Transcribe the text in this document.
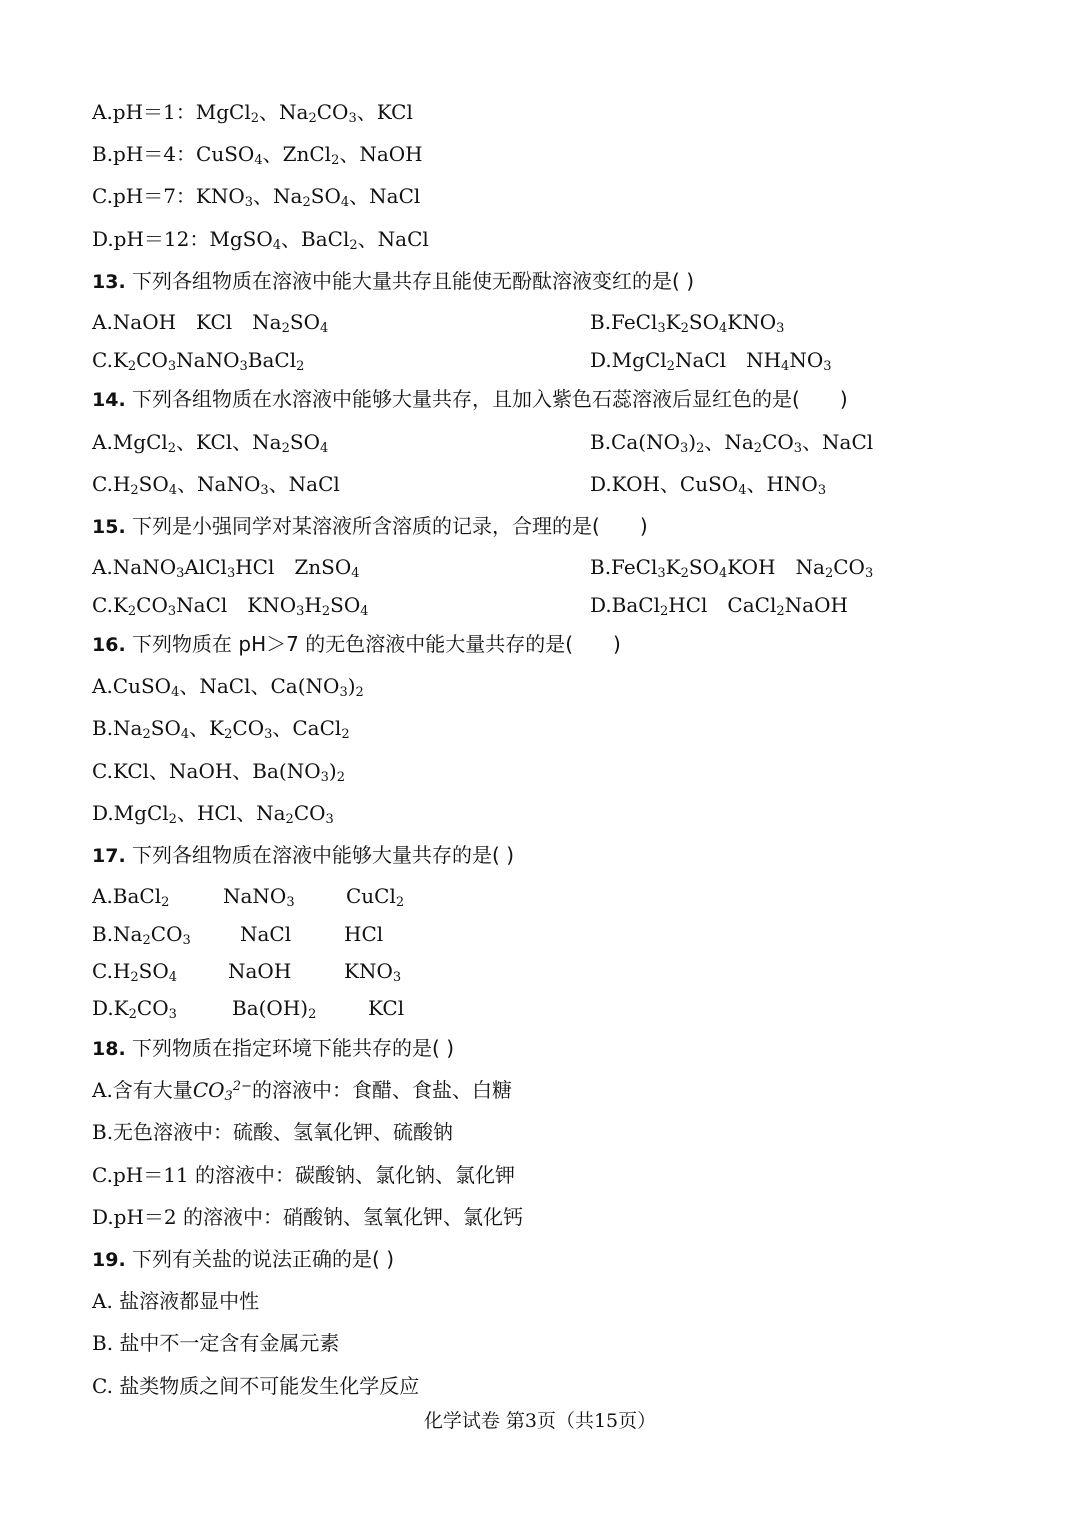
A.pH＝1：MgCl$_2$、$Na_2CO_3$、KCl
B.pH＝4：CuSO$_4$、ZnCl$_2$、NaOH
C.pH＝7：$KNO_3$、$Na_2SO_4$、NaCl
D.pH＝12：MgSO$_4$、BaCl$_2$、NaCl
13. 下列各组物质在溶液中能大量共存且能使无酚酞溶液变红的是( )
A.NaOH　KCl　$Na_2SO_4$	$B.FeCl_3K_2SO_4KNO_3$
$C.K_2CO_3NaNO_3BaCl_2$	D.MgCl$_2$NaCl　$NH_4NO_3$
14. 下列各组物质在水溶液中能够大量共存，且加入紫色石蕊溶液后显红色的是(　　)
A.MgCl$_2$、KCl、$Na_2SO_4$	$B.Ca(NO_3)_2$、$Na_2CO_3$、NaCl
$C.H_2SO_4$、NaNO$_3$、NaCl	D.KOH、CuSO$_4$、$HNO_3$
15. 下列是小强同学对某溶液所含溶质的记录，合理的是(　　)
A.NaNO$_3$AlCl$_3$HCl　ZnSO$_4$	$B.FeCl_3K_2SO_4KOH$　$Na_2CO_3$
$C.K_2CO_3NaCl$　$KNO_3H_2SO_4$	D.BaCl$_2$HCl　CaCl$_2$NaOH
16. 下列物质在 pH＞7 的无色溶液中能大量共存的是(　　)
A.CuSO$_4$、NaCl、$Ca(NO_3)_2$
$B.Na_2SO_4$、$K_2CO_3$、CaCl$_2$
C.KCl、NaOH、$Ba(NO_3)_2$
D.MgCl$_2$、HCl、$Na_2CO_3$
17. 下列各组物质在溶液中能够大量共存的是( )
A.BaCl$_2$	NaNO$_3$	CuCl$_2$
$B.Na_2CO_3$ NaCl	HCl
$C.H_2SO_4$	NaOH	$KNO_3$
$D.K_2CO_3$	$Ba(OH)_2$	KCl
18. 下列物质在指定环境下能共存的是( )
A.含有大量$CO_3^{2-}$的溶液中：食醋、食盐、白糖
B.无色溶液中：硫酸、氢氧化钾、硫酸钠
C.pH＝11 的溶液中：碳酸钠、氯化钠、氯化钾
D.pH＝2 的溶液中：硝酸钠、氢氧化钾、氯化钙
19. 下列有关盐的说法正确的是( )
A. 盐溶液都显中性
B. 盐中不一定含有金属元素
C. 盐类物质之间不可能发生化学反应
化学试卷 第3页（共15页）
